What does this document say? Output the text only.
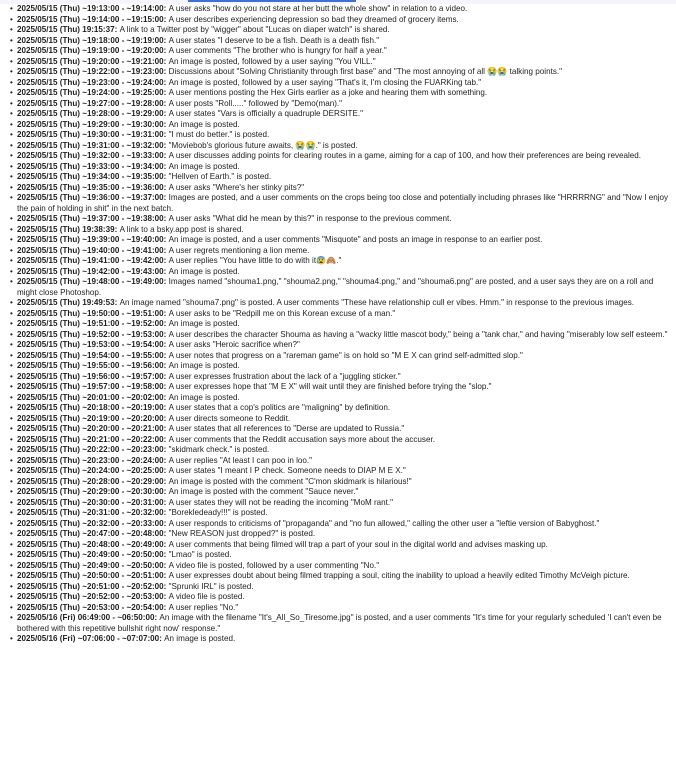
• 2025/05/15 (Thu) ~19:13:00 - ~19:14:00: A user asks "how do you not stare at her butt the whole show" in relation to a video.
• 2025/05/15 (Thu) ~19:14:00 - ~19:15:00: A user describes experiencing depression so bad they dreamed of grocery items.
• 2025/05/15 (Thu) 19:15:37: A link to a Twitter post by "wigger" about "Lucas on diaper watch" is shared.
• 2025/05/15 (Thu) ~19:18:00 - ~19:19:00: A user states "I deserve to be a fish. Death is a death fish."
• 2025/05/15 (Thu) ~19:19:00 - ~19:20:00: A user comments "The brother who is hungry for half a year."
• 2025/05/15 (Thu) ~19:20:00 - ~19:21:00: An image is posted, followed by a user saying "You VILL."
• 2025/05/15 (Thu) ~19:22:00 - ~19:23:00: Discussions about "Solving Christianity through first base" and "The most annoying of all 😭😭 talking points."
• 2025/05/15 (Thu) ~19:23:00 - ~19:24:00: An image is posted, followed by a user saying "That's it, I'm closing the FUARKing tab."
• 2025/05/15 (Thu) ~19:24:00 - ~19:25:00: A user mentions posting the Hex Girls earlier as a joke and hearing them with something.
• 2025/05/15 (Thu) ~19:27:00 - ~19:28:00: A user posts "Roll....." followed by "Demo(man)."
• 2025/05/15 (Thu) ~19:28:00 - ~19:29:00: A user states "Vars is officially a quadruple DERSITE."
• 2025/05/15 (Thu) ~19:29:00 - ~19:30:00: An image is posted.
• 2025/05/15 (Thu) ~19:30:00 - ~19:31:00: "I must do better." is posted.
• 2025/05/15 (Thu) ~19:31:00 - ~19:32:00: "Moviebob's glorious future awaits, 😭😭." is posted.
• 2025/05/15 (Thu) ~19:32:00 - ~19:33:00: A user discusses adding points for clearing routes in a game, aiming for a cap of 100, and how their preferences are being revealed.
• 2025/05/15 (Thu) ~19:33:00 - ~19:34:00: An image is posted.
• 2025/05/15 (Thu) ~19:34:00 - ~19:35:00: "Hellven of Earth." is posted.
• 2025/05/15 (Thu) ~19:35:00 - ~19:36:00: A user asks "Where's her stinky pits?"
• 2025/05/15 (Thu) ~19:36:00 - ~19:37:00: Images are posted, and a user comments on the crops being too close and potentially including phrases like "HRRRRNG" and "Now I enjoy the pain of holding in shit" in the next batch.
• 2025/05/15 (Thu) ~19:37:00 - ~19:38:00: A user asks "What did he mean by this?" in response to the previous comment.
• 2025/05/15 (Thu) 19:38:39: A link to a bsky.app post is shared.
• 2025/05/15 (Thu) ~19:39:00 - ~19:40:00: An image is posted, and a user comments "Misquote" and posts an image in response to an earlier post.
• 2025/05/15 (Thu) ~19:40:00 - ~19:41:00: A user regrets mentioning a lion meme.
• 2025/05/15 (Thu) ~19:41:00 - ~19:42:00: A user replies "You have little to do with it😰🙈."
• 2025/05/15 (Thu) ~19:42:00 - ~19:43:00: An image is posted.
• 2025/05/15 (Thu) ~19:48:00 - ~19:49:00: Images named "shouma1.png," "shouma2.png," "shouma4.png," and "shouma6.png" are posted, and a user says they are on a roll and might close Photoshop.
• 2025/05/15 (Thu) 19:49:53: An image named "shouma7.png" is posted. A user comments "These have relationship cull er vibes. Hmm." in response to the previous images.
• 2025/05/15 (Thu) ~19:50:00 - ~19:51:00: A user asks to be "Redpill me on this Korean excuse of a man."
• 2025/05/15 (Thu) ~19:51:00 - ~19:52:00: An image is posted.
• 2025/05/15 (Thu) ~19:52:00 - ~19:53:00: A user describes the character Shouma as having a "wacky little mascot body," being a "tank char," and having "miserably low self esteem."
• 2025/05/15 (Thu) ~19:53:00 - ~19:54:00: A user asks "Heroic sacrifice when?"
• 2025/05/15 (Thu) ~19:54:00 - ~19:55:00: A user notes that progress on a "rareman game" is on hold so "M E X can grind self-admitted slop."
• 2025/05/15 (Thu) ~19:55:00 - ~19:56:00: An image is posted.
• 2025/05/15 (Thu) ~19:56:00 - ~19:57:00: A user expresses frustration about the lack of a "juggling sticker."
• 2025/05/15 (Thu) ~19:57:00 - ~19:58:00: A user expresses hope that "M E X" will wait until they are finished before trying the "slop."
• 2025/05/15 (Thu) ~20:01:00 - ~20:02:00: An image is posted.
• 2025/05/15 (Thu) ~20:18:00 - ~20:19:00: A user states that a cop's politics are "maligning" by definition.
• 2025/05/15 (Thu) ~20:19:00 - ~20:20:00: A user directs someone to Reddit.
• 2025/05/15 (Thu) ~20:20:00 - ~20:21:00: A user states that all references to "Derse are updated to Russia."
• 2025/05/15 (Thu) ~20:21:00 - ~20:22:00: A user comments that the Reddit accusation says more about the accuser.
• 2025/05/15 (Thu) ~20:22:00 - ~20:23:00: "skidmark check." is posted.
• 2025/05/15 (Thu) ~20:23:00 - ~20:24:00: A user replies "At least I can poo in loo."
• 2025/05/15 (Thu) ~20:24:00 - ~20:25:00: A user states "I meant I P check. Someone needs to DIAP M E X."
• 2025/05/15 (Thu) ~20:28:00 - ~20:29:00: An image is posted with the comment "C'mon skidmark is hilarious!"
• 2025/05/15 (Thu) ~20:29:00 - ~20:30:00: An image is posted with the comment "Sauce never."
• 2025/05/15 (Thu) ~20:30:00 - ~20:31:00: A user states they will not be reading the incoming "MoM rant."
• 2025/05/15 (Thu) ~20:31:00 - ~20:32:00: "Borekledeady!!!" is posted.
• 2025/05/15 (Thu) ~20:32:00 - ~20:33:00: A user responds to criticisms of "propaganda" and "no fun allowed," calling the other user a "leftie version of Babyghost."
• 2025/05/15 (Thu) ~20:47:00 - ~20:48:00: "New REASON just dropped?" is posted.
• 2025/05/15 (Thu) ~20:48:00 - ~20:49:00: A user comments that being filmed will trap a part of your soul in the digital world and advises masking up.
• 2025/05/15 (Thu) ~20:49:00 - ~20:50:00: "Lmao" is posted.
• 2025/05/15 (Thu) ~20:49:00 - ~20:50:00: A video file is posted, followed by a user commenting "No."
• 2025/05/15 (Thu) ~20:50:00 - ~20:51:00: A user expresses doubt about being filmed trapping a soul, citing the inability to upload a heavily edited Timothy McVeigh picture.
• 2025/05/15 (Thu) ~20:51:00 - ~20:52:00: "Sprunki IRL" is posted.
• 2025/05/15 (Thu) ~20:52:00 - ~20:53:00: A video file is posted.
• 2025/05/15 (Thu) ~20:53:00 - ~20:54:00: A user replies "No."
• 2025/05/16 (Fri) 06:49:00 - ~06:50:00: An image with the filename "It's_All_So_Tiresome.jpg" is posted, and a user comments "It's time for your regularly scheduled 'I can't even be bothered with this repetitive bullshit right now' response."
• 2025/05/16 (Fri) ~07:06:00 - ~07:07:00: An image is posted.
